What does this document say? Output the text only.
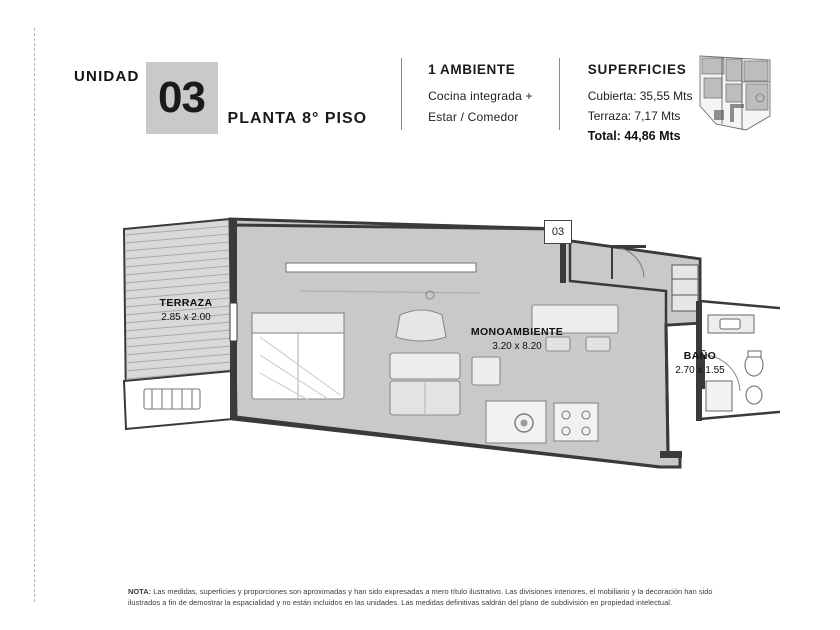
UNIDAD 03 PLANTA 8° PISO
1 AMBIENTE
Cocina integrada +
Estar / Comedor
SUPERFICIES
Cubierta: 35,55 Mts
Terraza: 7,17 Mts
Total: 44,86 Mts
03
TERRAZA
2.85 x 2.00
MONOAMBIENTE
3.20 x 8.20
BAÑO
2.70 x 1.55
NOTA: Las medidas, superficies y proporciones son aproximadas y han sido expresadas a mero título ilustrativo. Las divisiones interiores, el mobiliario y la decoración han sido ilustrados a fin de demostrar la espacialidad y no están incluidos en las unidades. Las medidas definitivas saldrán del plano de subdivisión en propiedad intelectual.
